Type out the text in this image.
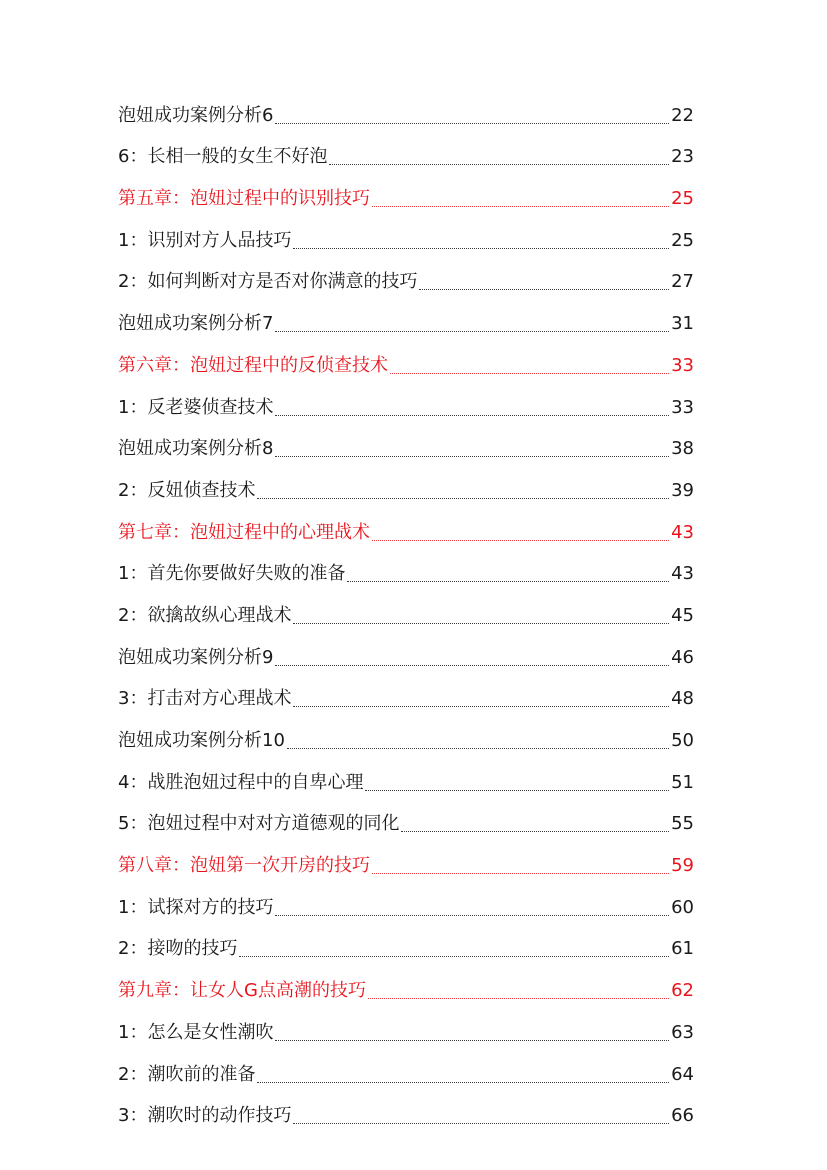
泡妞成功案例分析6	22
6：长相一般的女生不好泡	23
第五章：泡妞过程中的识别技巧	25
1：识别对方人品技巧	25
2：如何判断对方是否对你满意的技巧	27
泡妞成功案例分析7	31
第六章：泡妞过程中的反侦查技术	33
1：反老婆侦查技术	33
泡妞成功案例分析8	38
2：反妞侦查技术	39
第七章：泡妞过程中的心理战术	43
1：首先你要做好失败的准备	43
2：欲擒故纵心理战术	45
泡妞成功案例分析9	46
3：打击对方心理战术	48
泡妞成功案例分析10	50
4：战胜泡妞过程中的自卑心理	51
5：泡妞过程中对对方道德观的同化	55
第八章：泡妞第一次开房的技巧	59
1：试探对方的技巧	60
2：接吻的技巧	61
第九章：让女人G点高潮的技巧	62
1：怎么是女性潮吹	63
2：潮吹前的准备	64
3：潮吹时的动作技巧	66
